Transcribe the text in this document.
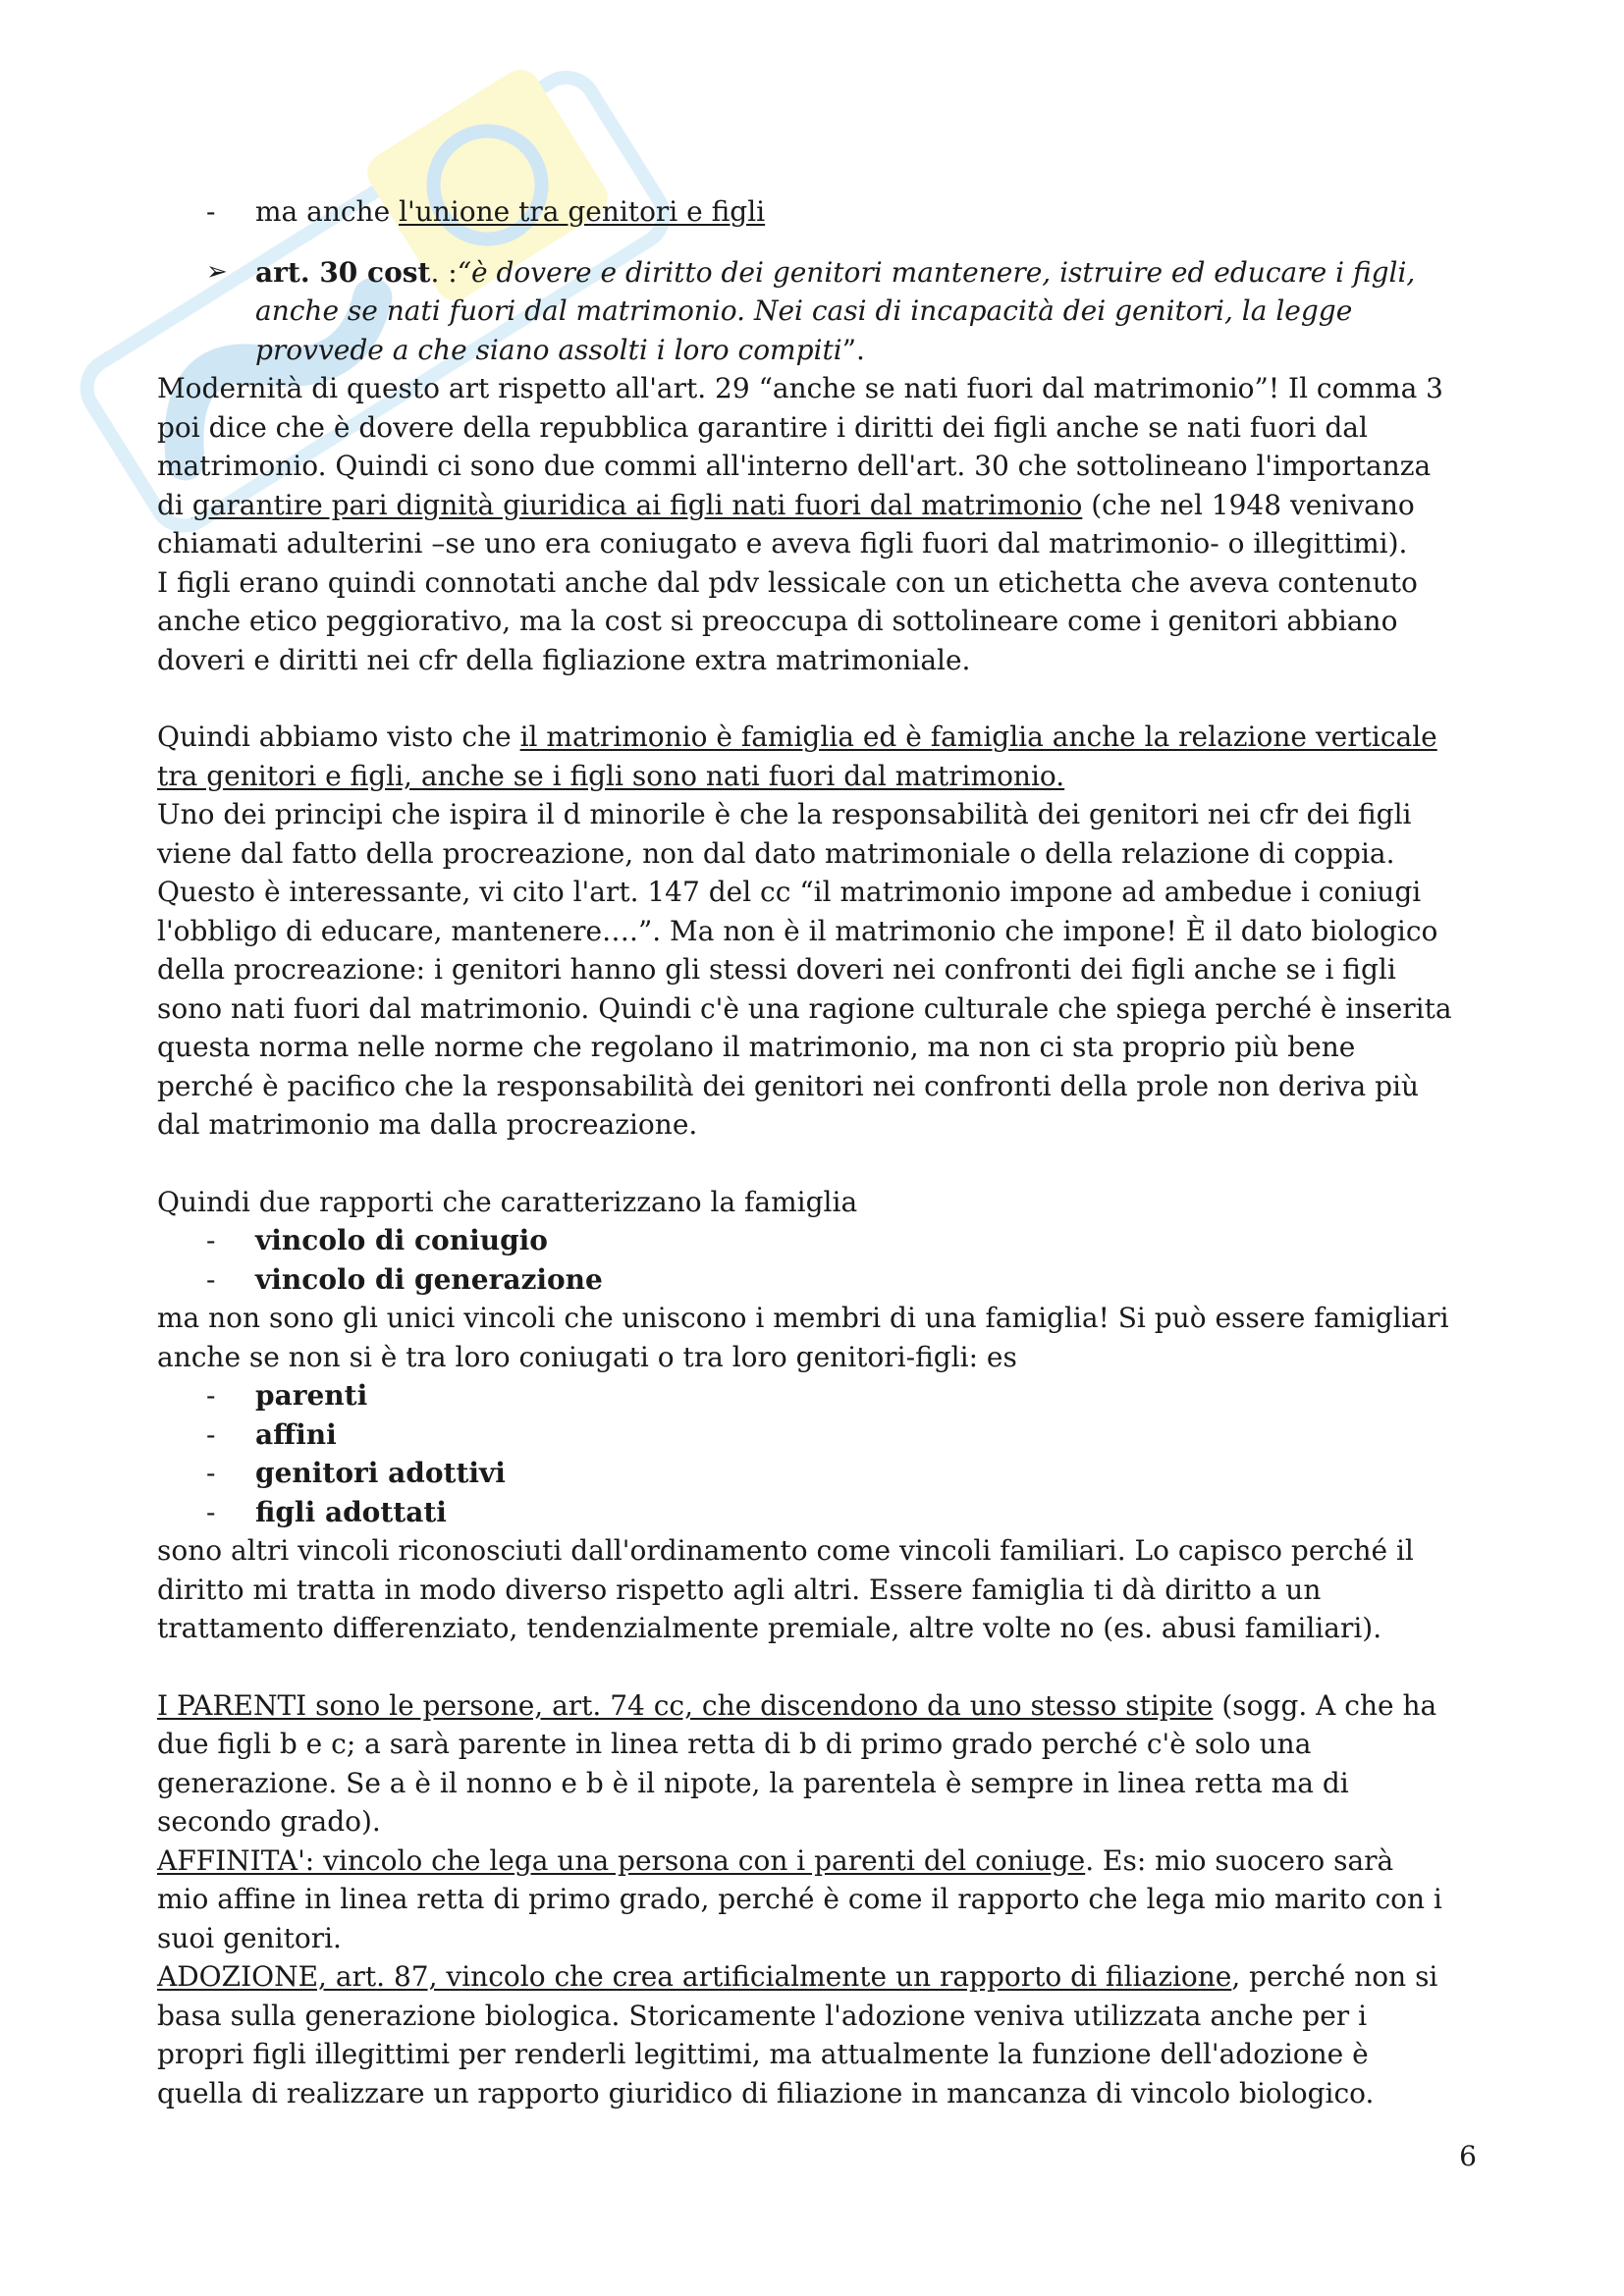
- ma anche l'unione tra genitori e figli
➢ art. 30 cost. :“è dovere e diritto dei genitori mantenere, istruire ed educare i figli, anche se nati fuori dal matrimonio. Nei casi di incapacità dei genitori, la legge provvede a che siano assolti i loro compiti”.

Modernità di questo art rispetto all'art. 29 “anche se nati fuori dal matrimonio”! Il comma 3 poi dice che è dovere della repubblica garantire i diritti dei figli anche se nati fuori dal matrimonio. Quindi ci sono due commi all'interno dell'art. 30 che sottolineano l'importanza di garantire pari dignità giuridica ai figli nati fuori dal matrimonio (che nel 1948 venivano chiamati adulterini –se uno era coniugato e aveva figli fuori dal matrimonio- o illegittimi).

I figli erano quindi connotati anche dal pdv lessicale con un etichetta che aveva contenuto anche etico peggiorativo, ma la cost si preoccupa di sottolineare come i genitori abbiano doveri e diritti nei cfr della figliazione extra matrimoniale.

Quindi abbiamo visto che il matrimonio è famiglia ed è famiglia anche la relazione verticale tra genitori e figli, anche se i figli sono nati fuori dal matrimonio.

Uno dei principi che ispira il d minorile è che la responsabilità dei genitori nei cfr dei figli viene dal fatto della procreazione, non dal dato matrimoniale o della relazione di coppia. Questo è interessante, vi cito l'art. 147 del cc “il matrimonio impone ad ambedue i coniugi l'obbligo di educare, mantenere….”. Ma non è il matrimonio che impone! È il dato biologico della procreazione: i genitori hanno gli stessi doveri nei confronti dei figli anche se i figli sono nati fuori dal matrimonio. Quindi c'è una ragione culturale che spiega perché è inserita questa norma nelle norme che regolano il matrimonio, ma non ci sta proprio più bene perché è pacifico che la responsabilità dei genitori nei confronti della prole non deriva più dal matrimonio ma dalla procreazione.

Quindi due rapporti che caratterizzano la famiglia

- vincolo di coniugio
- vincolo di generazione

ma non sono gli unici vincoli che uniscono i membri di una famiglia! Si può essere famigliari anche se non si è tra loro coniugati o tra loro genitori-figli: es

- parenti
- affini
- genitori adottivi
- figli adottati

sono altri vincoli riconosciuti dall'ordinamento come vincoli familiari. Lo capisco perché il diritto mi tratta in modo diverso rispetto agli altri. Essere famiglia ti dà diritto a un trattamento differenziato, tendenzialmente premiale, altre volte no (es. abusi familiari).

I PARENTI sono le persone, art. 74 cc, che discendono da uno stesso stipite (sogg. A che ha due figli b e c; a sarà parente in linea retta di b di primo grado perché c'è solo una generazione. Se a è il nonno e b è il nipote, la parentela è sempre in linea retta ma di secondo grado).

AFFINITA': vincolo che lega una persona con i parenti del coniuge. Es: mio suocero sarà mio affine in linea retta di primo grado, perché è come il rapporto che lega mio marito con i suoi genitori.

ADOZIONE, art. 87, vincolo che crea artificialmente un rapporto di filiazione, perché non si basa sulla generazione biologica. Storicamente l'adozione veniva utilizzata anche per i propri figli illegittimi per renderli legittimi, ma attualmente la funzione dell'adozione è quella di realizzare un rapporto giuridico di filiazione in mancanza di vincolo biologico.

6
